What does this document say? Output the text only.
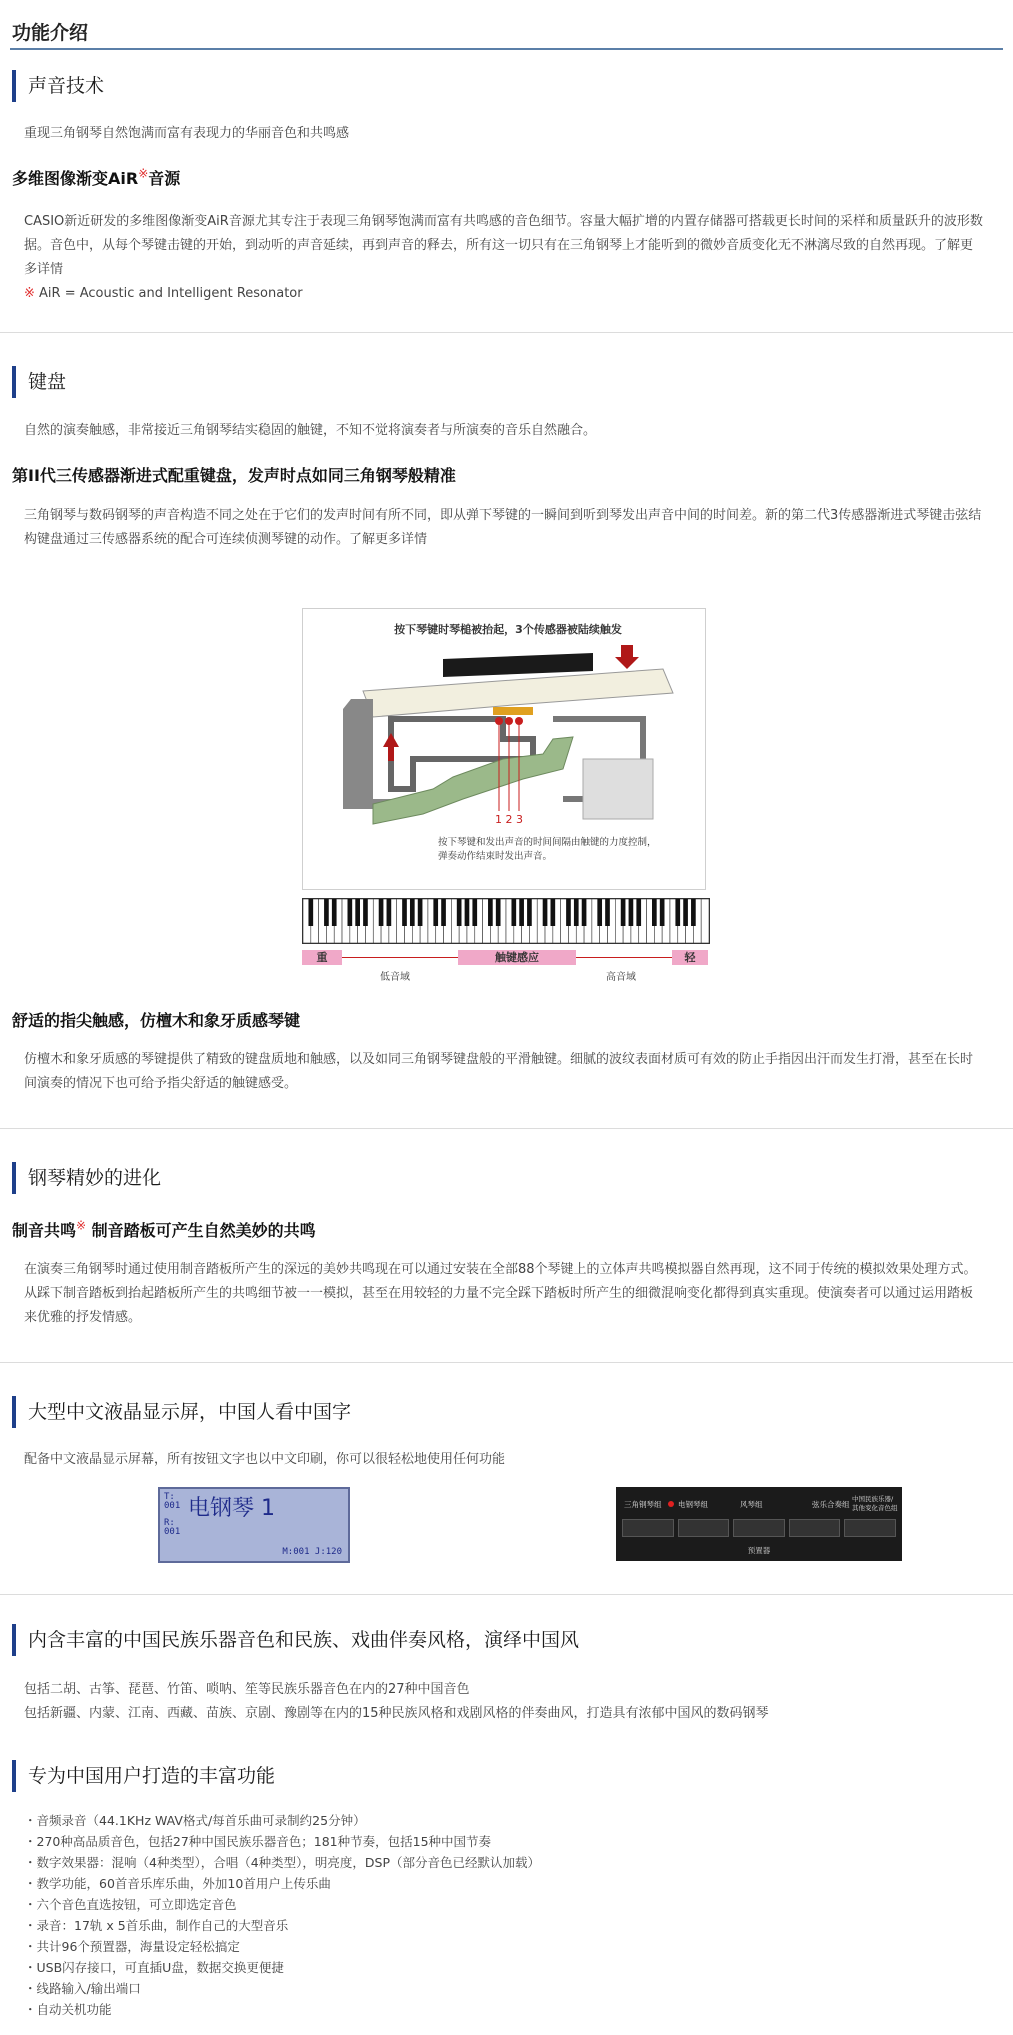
功能介绍
声音技术
重现三角钢琴自然饱满而富有表现力的华丽音色和共鸣感
多维图像渐变AiR※音源
CASIO新近研发的多维图像渐变AiR音源尤其专注于表现三角钢琴饱满而富有共鸣感的音色细节。容量大幅扩增的内置存储器可搭载更长时间的采样和质量跃升的波形数据。音色中，从每个琴键击键的开始，到动听的声音延续，再到声音的释去，所有这一切只有在三角钢琴上才能听到的微妙音质变化无不淋漓尽致的自然再现。了解更多详情
※ AiR = Acoustic and Intelligent Resonator
键盘
自然的演奏触感，非常接近三角钢琴结实稳固的触键，不知不觉将演奏者与所演奏的音乐自然融合。
第II代三传感器渐进式配重键盘，发声时点如同三角钢琴般精准
三角钢琴与数码钢琴的声音构造不同之处在于它们的发声时间有所不同，即从弹下琴键的一瞬间到听到琴发出声音中间的时间差。新的第二代3传感器渐进式琴键击弦结构键盘通过三传感器系统的配合可连续侦测琴键的动作。了解更多详情
按下琴键时琴槌被抬起，3个传感器被陆续触发
1 2 3
按下琴键和发出声音的时间间隔由触键的力度控制，
弹奏动作结束时发出声音。
重	触键感应	轻
低音域	高音域
舒适的指尖触感，仿檀木和象牙质感琴键
仿檀木和象牙质感的琴键提供了精致的键盘质地和触感，以及如同三角钢琴键盘般的平滑触键。细腻的波纹表面材质可有效的防止手指因出汗而发生打滑，甚至在长时间演奏的情况下也可给予指尖舒适的触键感受。
钢琴精妙的进化
制音共鸣※ 制音踏板可产生自然美妙的共鸣
在演奏三角钢琴时通过使用制音踏板所产生的深远的美妙共鸣现在可以通过安装在全部88个琴键上的立体声共鸣模拟器自然再现，这不同于传统的模拟效果处理方式。从踩下制音踏板到抬起踏板所产生的共鸣细节被一一模拟，甚至在用较轻的力量不完全踩下踏板时所产生的细微混响变化都得到真实重现。使演奏者可以通过运用踏板来优雅的抒发情感。
大型中文液晶显示屏，中国人看中国字
配备中文液晶显示屏幕，所有按钮文字也以中文印刷，你可以很轻松地使用任何功能
T:
001 电钢琴 1
R:
001
M:001 J:120
三角钢琴组 电钢琴组	风琴组	弦乐合奏组
中国民族乐器/
其他变化音色组
预置器
内含丰富的中国民族乐器音色和民族、戏曲伴奏风格，演绎中国风
包括二胡、古筝、琵琶、竹笛、唢呐、笙等民族乐器音色在内的27种中国音色
包括新疆、内蒙、江南、西藏、苗族、京剧、豫剧等在内的15种民族风格和戏剧风格的伴奏曲风，打造具有浓郁中国风的数码钢琴
专为中国用户打造的丰富功能
・ 音频录音（44.1KHz WAV格式/每首乐曲可录制约25分钟）
・ 270种高品质音色，包括27种中国民族乐器音色；181种节奏，包括15种中国节奏
・ 数字效果器：混响（4种类型），合唱（4种类型），明亮度，DSP（部分音色已经默认加载）
・ 教学功能，60首音乐库乐曲，外加10首用户上传乐曲
・ 六个音色直选按钮，可立即选定音色
・ 录音：17轨 x 5首乐曲，制作自己的大型音乐
・ 共计96个预置器，海量设定轻松搞定
・ USB闪存接口，可直插U盘，数据交换更便捷
・ 线路输入/输出端口
・ 自动关机功能
